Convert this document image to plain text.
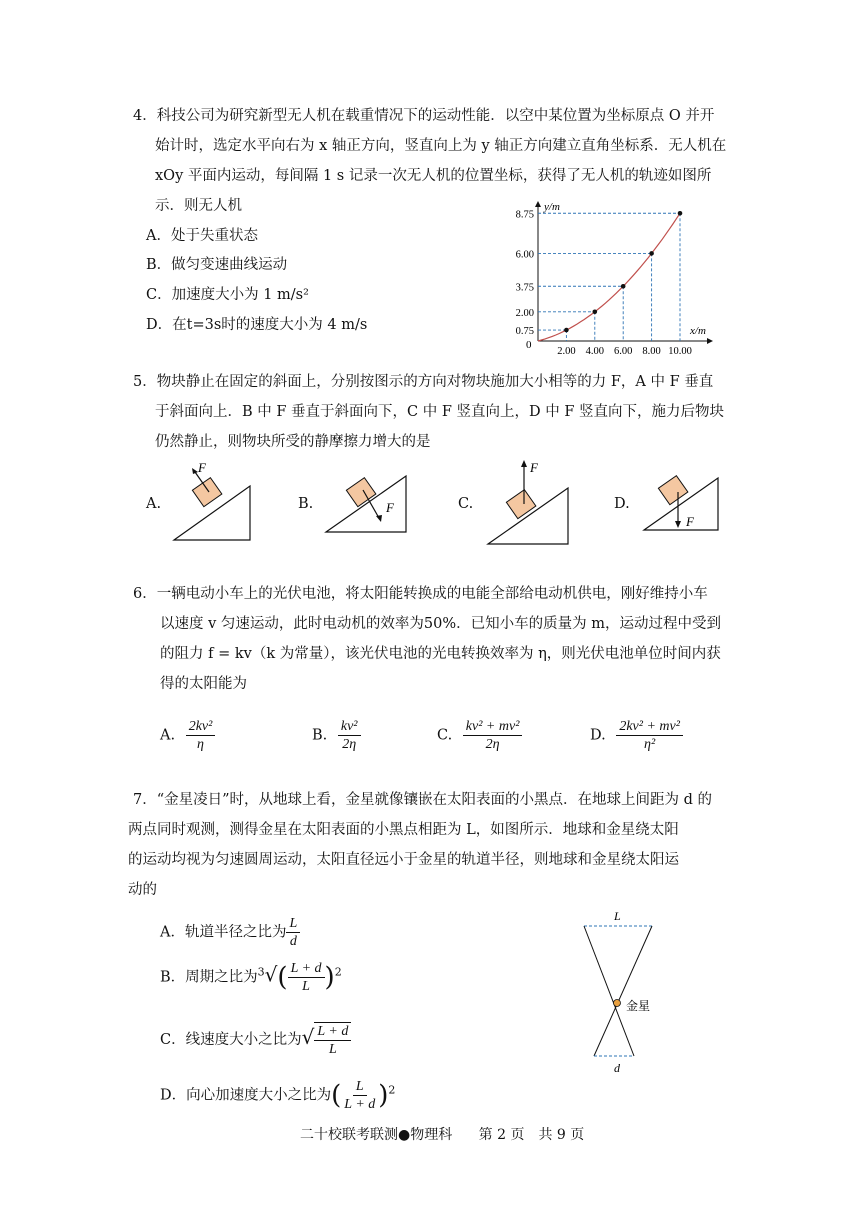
4．科技公司为研究新型无人机在载重情况下的运动性能．以空中某位置为坐标原点 O 并开
始计时，选定水平向右为 x 轴正方向，竖直向上为 y 轴正方向建立直角坐标系．无人机在
xOy 平面内运动，每间隔 1 s 记录一次无人机的位置坐标，获得了无人机的轨迹如图所
示．则无人机
A．处于失重状态
B．做匀变速曲线运动
C．加速度大小为 1 m/s²
D．在t=3s时的速度大小为 4 m/s
y/m
x/m
0
2.00 4.00 6.00 8.00 10.00
0.75
2.00
3.75
6.00
8.75
5．物块静止在固定的斜面上，分别按图示的方向对物块施加大小相等的力 F，A 中 F 垂直
于斜面向上．B 中 F 垂直于斜面向下，C 中 F 竖直向上，D 中 F 竖直向下，施力后物块
仍然静止，则物块所受的静摩擦力增大的是
A.
F
B.	F	C.
F
D.
F
6．一辆电动小车上的光伏电池，将太阳能转换成的电能全部给电动机供电，刚好维持小车
以速度 v 匀速运动，此时电动机的效率为50%．已知小车的质量为 m，运动过程中受到
的阻力 f = kv（k 为常量），该光伏电池的光电转换效率为 η，则光伏电池单位时间内获
得的太阳能为
A. $\frac{\text{2kv²}}{\eta}$	B. $\frac{\text{kv²}}{2\eta}$	C. $\frac{\text{kv² + mv²}}{2\eta}$	D. $\frac{\text{2kv² + mv²}}{\text{η²}}$
7．“金星凌日”时，从地球上看，金星就像镶嵌在太阳表面的小黑点．在地球上间距为 d 的
两点同时观测，测得金星在太阳表面的小黑点相距为 L，如图所示．地球和金星绕太阳
的运动均视为匀速圆周运动，太阳直径远小于金星的轨道半径，则地球和金星绕太阳运
动的
A．轨道半径之比为 $\frac{L}{d}$
B．周期之比为$^3√( \frac{L + d}{L} )^2$
C．线速度大小之比为√ $\frac{L + d}{L}$
D．向心加速度大小之比为( $\frac{L}{L + d} )^2$
L
金星
d
二十校联考联测●物理科 第 2 页　共 9 页
